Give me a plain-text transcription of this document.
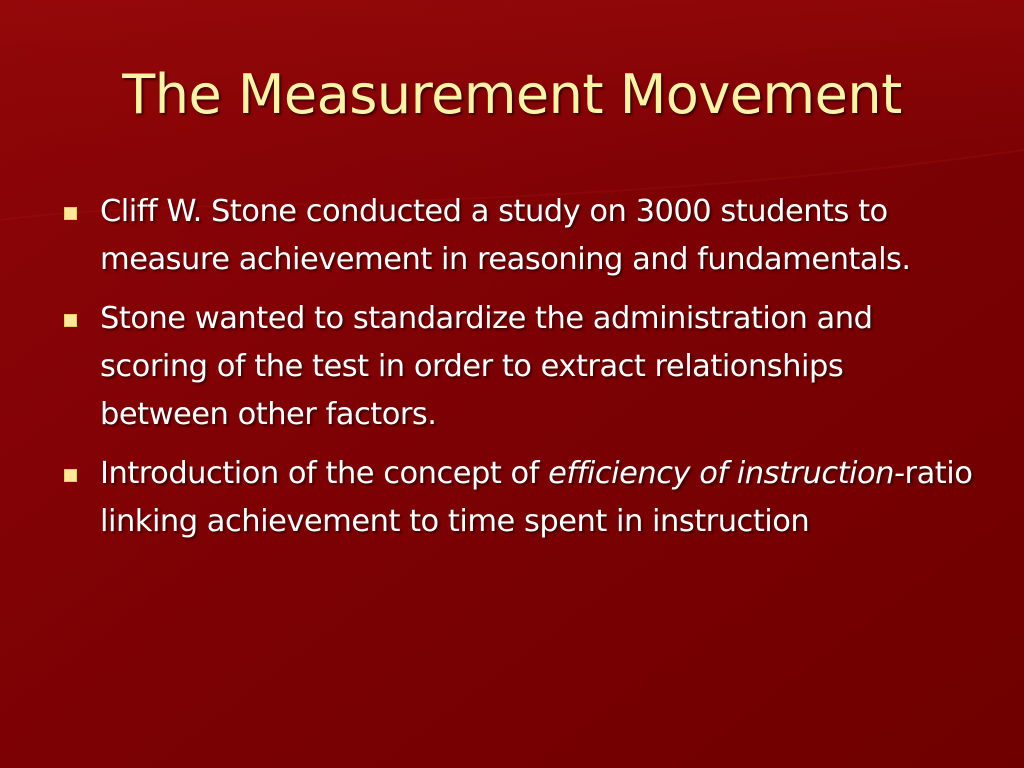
The Measurement Movement
Cliff W. Stone conducted a study on 3000 students to measure achievement in reasoning and fundamentals.
Stone wanted to standardize the administration and scoring of the test in order to extract relationships between other factors.
Introduction of the concept of efficiency of instruction-ratio linking achievement to time spent in instruction
